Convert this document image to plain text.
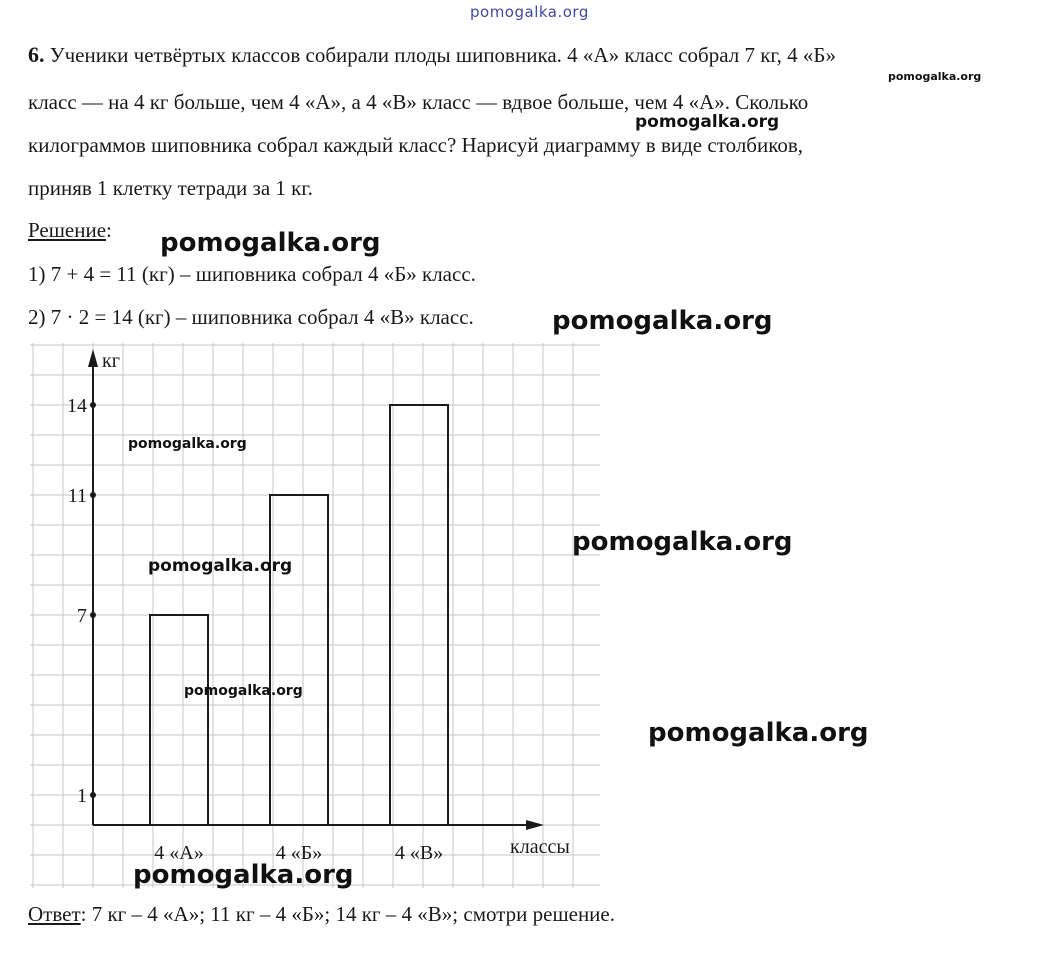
pomogalka.org
6. Ученики четвёртых классов собирали плоды шиповника. 4 «А» класс собрал 7 кг, 4 «Б»
класс — на 4 кг больше, чем 4 «А», а 4 «В» класс — вдвое больше, чем 4 «А». Сколько
килограммов шиповника собрал каждый класс? Нарисуй диаграмму в виде столбиков,
приняв 1 клетку тетради за 1 кг.
Решение:
1) 7 + 4 = 11 (кг) – шиповника собрал 4 «Б» класс.
2) 7 · 2 = 14 (кг) – шиповника собрал 4 «В» класс.
1
7
11
14
4 «А»	4 «Б»	4 «В»
кг
классы
Ответ: 7 кг – 4 «А»; 11 кг – 4 «Б»; 14 кг – 4 «В»; смотри решение.
pomogalka.org
pomogalka.org
pomogalka.org
pomogalka.org
pomogalka.org
pomogalka.org
pomogalka.org
pomogalka.org
pomogalka.org
pomogalka.org
